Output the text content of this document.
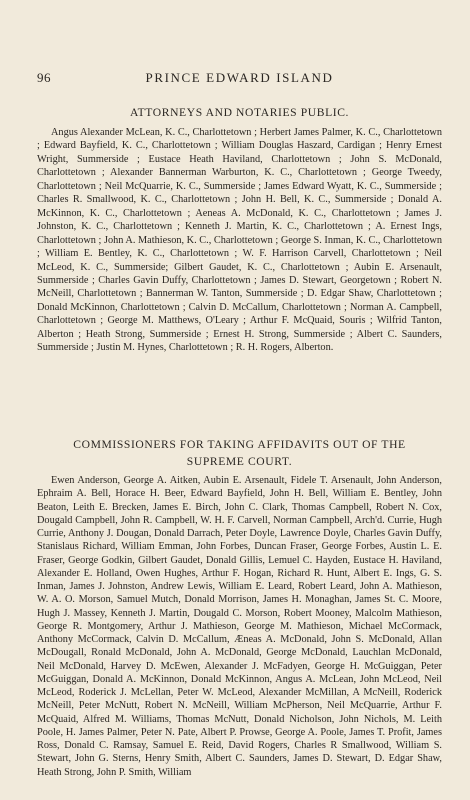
96	PRINCE EDWARD ISLAND
ATTORNEYS AND NOTARIES PUBLIC.

Angus Alexander McLean, K. C., Charlottetown ; Herbert James Palmer, K. C., Charlottetown ; Edward Bayfield, K. C., Charlottetown ; William Douglas Haszard, Cardigan ; Henry Ernest Wright, Summerside ; Eustace Heath Haviland, Charlottetown ; John S. McDonald, Charlottetown ; Alexander Bannerman Warburton, K. C., Charlottetown ; George Tweedy, Charlottetown ; Neil McQuarrie, K. C., Summerside ; James Edward Wyatt, K. C., Summerside ; Charles R. Smallwood, K. C., Charlottetown ; John H. Bell, K. C., Summerside ; Donald A. McKinnon, K. C., Charlottetown ; Aeneas A. McDonald, K. C., Charlottetown ; James J. Johnston, K. C., Charlottetown ; Kenneth J. Martin, K. C., Charlottetown ; A. Ernest Ings, Charlottetown ; John A. Mathieson, K. C., Charlottetown ; George S. Inman, K. C., Charlottetown ; William E. Bentley, K. C., Charlottetown ; W. F. Harrison Carvell, Charlottetown ; Neil McLeod, K. C., Summerside; Gilbert Gaudet, K. C., Charlottetown ; Aubin E. Arsenault, Summerside ; Charles Gavin Duffy, Charlottetown ; James D. Stewart, Georgetown ; Robert N. McNeill, Charlottetown ; Bannerman W. Tanton, Summerside ; D. Edgar Shaw, Charlottetown ; Donald McKinnon, Charlottetown ; Calvin D. McCallum, Charlottetown ; Norman A. Campbell, Charlottetown ; George M. Matthews, O'Leary ; Arthur F. McQuaid, Souris ; Wilfrid Tanton, Alberton ; Heath Strong, Summerside ; Ernest H. Strong, Summerside ; Albert C. Saunders, Summerside ; Justin M. Hynes, Charlottetown ; R. H. Rogers, Alberton.

COMMISSIONERS FOR TAKING AFFIDAVITS OUT OF THE
SUPREME COURT.

Ewen Anderson, George A. Aitken, Aubin E. Arsenault, Fidele T. Arsenault, John Anderson, Ephraim A. Bell, Horace H. Beer, Edward Bayfield, John H. Bell, William E. Bentley, John Beaton, Leith E. Brecken, James E. Birch, John C. Clark, Thomas Campbell, Robert N. Cox, Dougald Campbell, John R. Campbell, W. H. F. Carvell, Norman Campbell, Arch'd. Currie, Hugh Currie, Anthony J. Dougan, Donald Darrach, Peter Doyle, Lawrence Doyle, Charles Gavin Duffy, Stanislaus Richard, William Emman, John Forbes, Duncan Fraser, George Forbes, Austin L. E. Fraser, George Godkin, Gilbert Gaudet, Donald Gillis, Lemuel C. Hayden, Eustace H. Haviland, Alexander E. Holland, Owen Hughes, Arthur F. Hogan, Richard R. Hunt, Albert E. Ings, G. S. Inman, James J. Johnston, Andrew Lewis, William E. Leard, Robert Leard, John A. Mathieson, W. A. O. Morson, Samuel Mutch, Donald Morrison, James H. Monaghan, James St. C. Moore, Hugh J. Massey, Kenneth J. Martin, Dougald C. Morson, Robert Mooney, Malcolm Mathieson, George R. Montgomery, Arthur J. Mathieson, George M. Mathieson, Michael McCormack, Anthony McCormack, Calvin D. McCallum, Æneas A. McDonald, John S. McDonald, Allan McDougall, Ronald McDonald, John A. McDonald, George McDonald, Lauchlan McDonald, Neil McDonald, Harvey D. McEwen, Alexander J. McFadyen, George H. McGuiggan, Peter McGuiggan, Donald A. McKinnon, Donald McKinnon, Angus A. McLean, John McLeod, Neil McLeod, Roderick J. McLellan, Peter W. McLeod, Alexander McMillan, A McNeill, Roderick McNeill, Peter McNutt, Robert N. McNeill, William McPherson, Neil McQuarrie, Arthur F. McQuaid, Alfred M. Williams, Thomas McNutt, Donald Nicholson, John Nichols, M. Leith Poole, H. James Palmer, Peter N. Pate, Albert P. Prowse, George A. Poole, James T. Profit, James Ross, Donald C. Ramsay, Samuel E. Reid, David Rogers, Charles R Smallwood, William S. Stewart, John G. Sterns, Henry Smith, Albert C. Saunders, James D. Stewart, D. Edgar Shaw, Heath Strong, John P. Smith, William
